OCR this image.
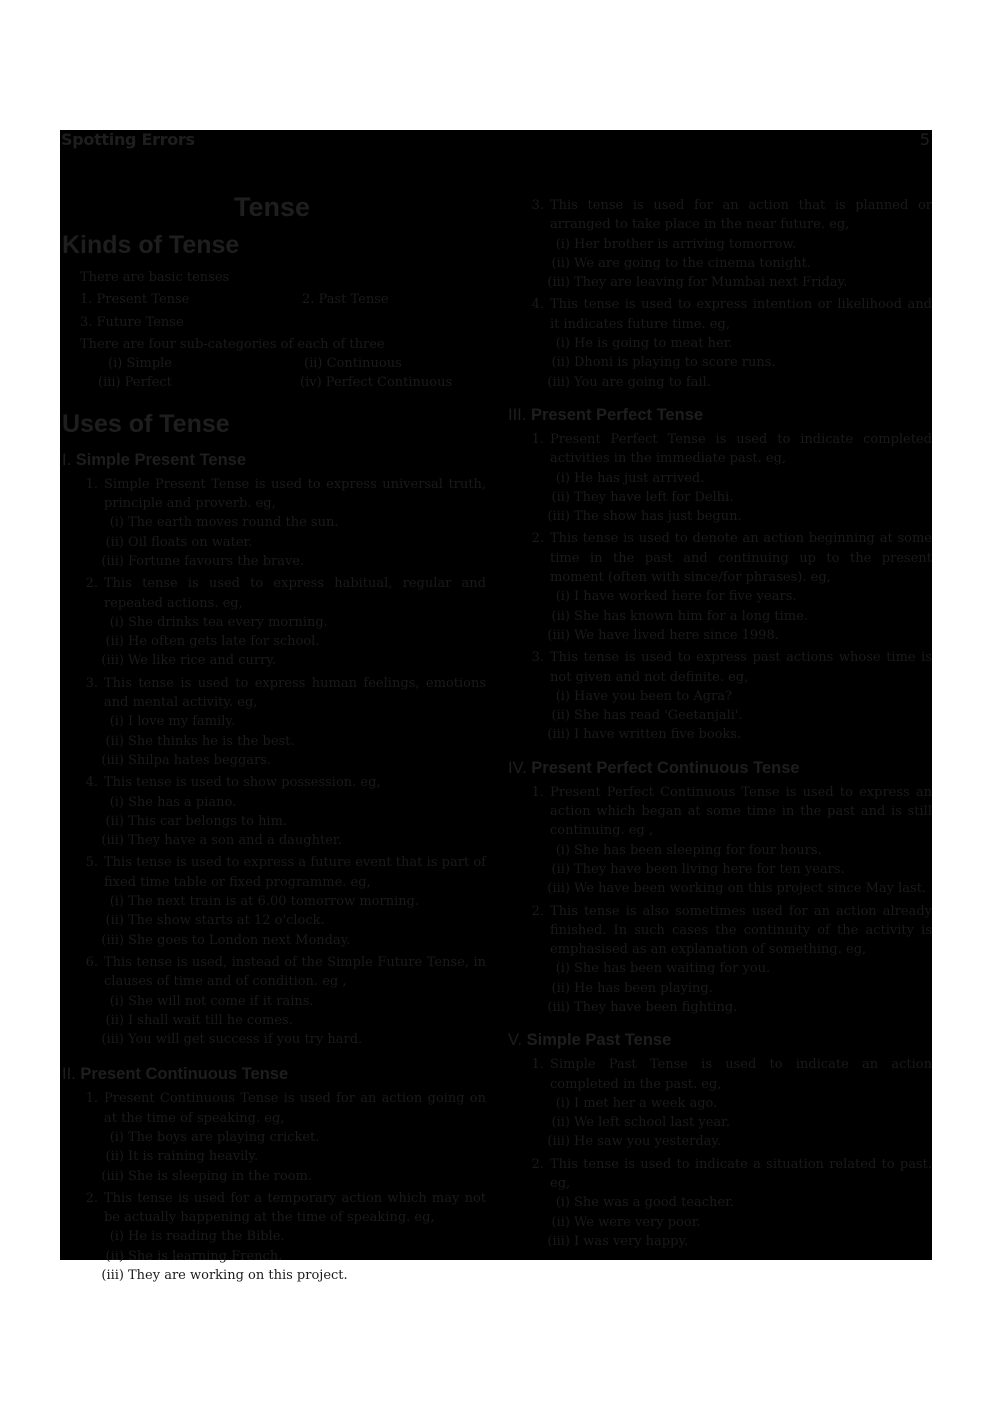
Spotting Errors	5
Tense
Kinds of Tense

There are basic tenses

1. Present Tense	2. Past Tense
3. Future Tense

There are four sub-categories of each of three

(i) Simple	(ii) Continuous
(iii) Perfect	(iv) Perfect Continuous
Uses of Tense
I. Simple Present Tense
1. Simple Present Tense is used to express universal truth, principle and proverb. eg,
(i) The earth moves round the sun.
(ii) Oil floats on water.
(iii) Fortune favours the brave.
2. This tense is used to express habitual, regular and repeated actions. eg,
(i) She drinks tea every morning.
(ii) He often gets late for school.
(iii) We like rice and curry.
3. This tense is used to express human feelings, emotions and mental activity. eg,
(i) I love my family.
(ii) She thinks he is the best.
(iii) Shilpa hates beggars.
4. This tense is used to show possession. eg,
(i) She has a piano.
(ii) This car belongs to him.
(iii) They have a son and a daughter.
5. This tense is used to express a future event that is part of fixed time table or fixed programme. eg,
(i) The next train is at 6.00 tomorrow morning.
(ii) The show starts at 12 o'clock.
(iii) She goes to London next Monday.
6. This tense is used, instead of the Simple Future Tense, in clauses of time and of condition. eg ,
(i) She will not come if it rains.
(ii) I shall wait till he comes.
(iii) You will get success if you try hard.
II. Present Continuous Tense
1. Present Continuous Tense is used for an action going on at the time of speaking. eg,
(i) The boys are playing cricket.
(ii) It is raining heavily.
(iii) She is sleeping in the room.
2. This tense is used for a temporary action which may not be actually happening at the time of speaking. eg,
(i) He is reading the Bible.
(ii) She is learning French.
(iii) They are working on this project.
3. This tense is used for an action that is planned or arranged to take place in the near future. eg,
(i) Her brother is arriving tomorrow.
(ii) We are going to the cinema tonight.
(iii) They are leaving for Mumbai next Friday.
4. This tense is used to express intention or likelihood and it indicates future time. eg,
(i) He is going to meat her.
(ii) Dhoni is playing to score runs.
(iii) You are going to fail.
III. Present Perfect Tense
1. Present Perfect Tense is used to indicate completed activities in the immediate past. eg,
(i) He has just arrived.
(ii) They have left for Delhi.
(iii) The show has just begun.
2. This tense is used to denote an action beginning at some time in the past and continuing up to the present moment (often with since/for phrases). eg,
(i) I have worked here for five years.
(ii) She has known him for a long time.
(iii) We have lived here since 1998.
3. This tense is used to express past actions whose time is not given and not definite. eg,
(i) Have you been to Agra?
(ii) She has read 'Geetanjali'.
(iii) I have written five books.
IV. Present Perfect Continuous Tense
1. Present Perfect Continuous Tense is used to express an action which began at some time in the past and is still continuing. eg ,
(i) She has been sleeping for four hours.
(ii) They have been living here for ten years.
(iii) We have been working on this project since May last.
2. This tense is also sometimes used for an action already finished. In such cases the continuity of the activity is emphasised as an explanation of something. eg,
(i) She has been waiting for you.
(ii) He has been playing.
(iii) They have been fighting.
V. Simple Past Tense
1. Simple Past Tense is used to indicate an action completed in the past. eg,
(i) I met her a week ago.
(ii) We left school last year.
(iii) He saw you yesterday.
2. This tense is used to indicate a situation related to past. eg,
(i) She was a good teacher.
(ii) We were very poor.
(iii) I was very happy.
